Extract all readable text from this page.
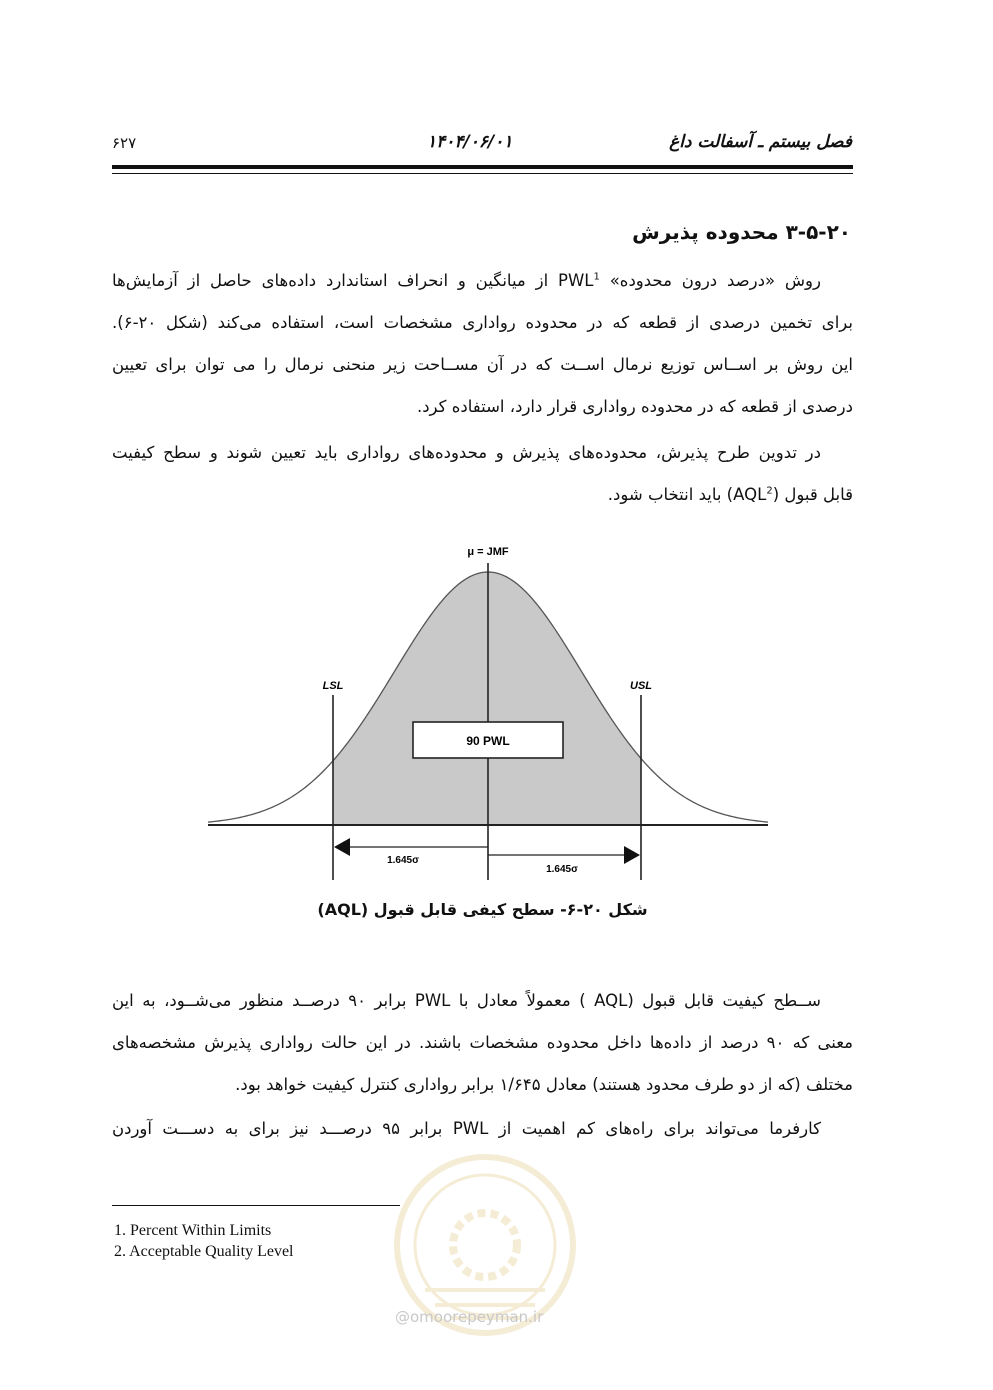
فصل بیستم ـ آسفالت داغ
۱۴۰۴/۰۶/۰۱
۶۲۷
۳-۵-۲۰ محدوده پذیرش
روش «درصد درون محدوده» PWL$^1$ از میانگین و انحراف استاندارد داده‌های حاصل از آزمایش‌ها
برای تخمین درصدی از قطعه که در محدوده رواداری مشخصات است، استفاده می‌کند (شکل ۲۰-۶).
این روش بر اســاس توزیع نرمال اســت که در آن مســاحت زیر منحنی نرمال را می توان برای تعیین
درصدی از قطعه که در محدوده رواداری قرار دارد، استفاده کرد.
در تدوین طرح پذیرش، محدوده‌های پذیرش و محدوده‌های رواداری باید تعیین شوند و سطح کیفیت
قابل قبول (AQL$^2$) باید انتخاب شود.
μ = JMF
LSL	USL
90 PWL
1.645σ
1.645σ
شکل ۲۰-۶- سطح کیفی قابل قبول (AQL)
ســطح کیفیت قابل قبول (AQL ) معمولاً معادل با PWL برابر ۹۰ درصــد منظور می‌شــود، به این
معنی که ۹۰ درصد از داده‌ها داخل محدوده مشخصات باشند. در این حالت رواداری پذیرش مشخصه‌های
مختلف (که از دو طرف محدود هستند) معادل ۱/۶۴۵ برابر رواداری کنترل کیفیت خواهد بود.
کارفرما می‌تواند برای راه‌های کم اهمیت از PWL برابر ۹۵ درصـــد نیز برای به دســـت آوردن
@omoorepeyman.ir
1. Percent Within Limits
2. Acceptable Quality Level
